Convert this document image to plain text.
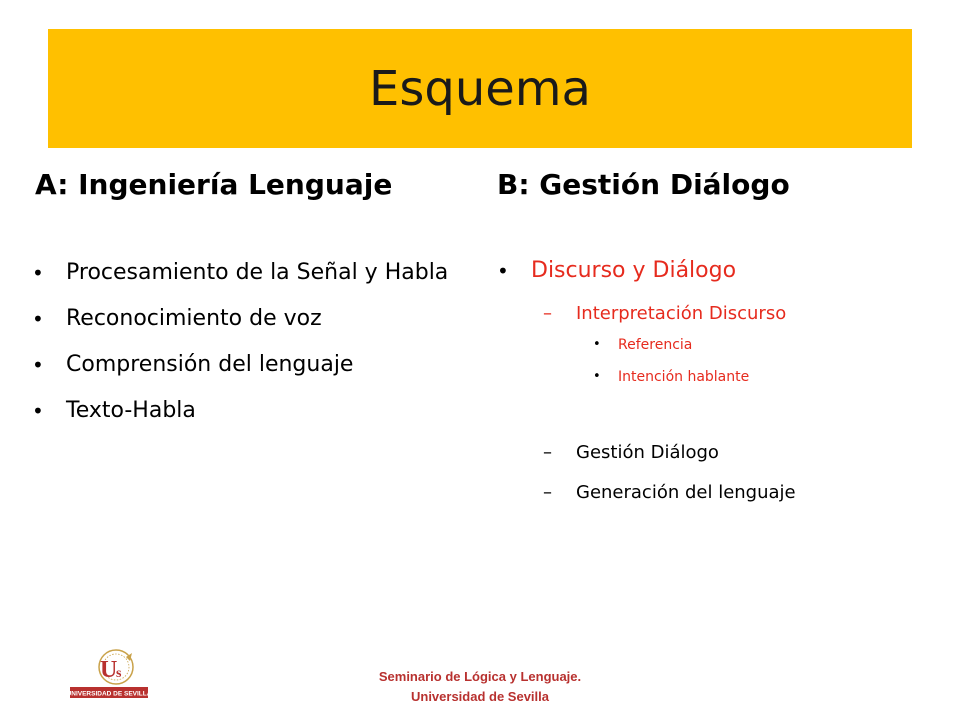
Esquema
A: Ingeniería Lenguaje	B: Gestión Diálogo
• Procesamiento de la Señal y Habla
• Reconocimiento de voz
• Comprensión del lenguaje
• Texto-Habla
• Discurso y Diálogo
– Interpretación Discurso
• Referencia
• Intención hablante
– Gestión Diálogo
– Generación del lenguaje
U
s
UNIVERSIDAD DE SEVILLA
Seminario de Lógica y Lenguaje.
Universidad de Sevilla
